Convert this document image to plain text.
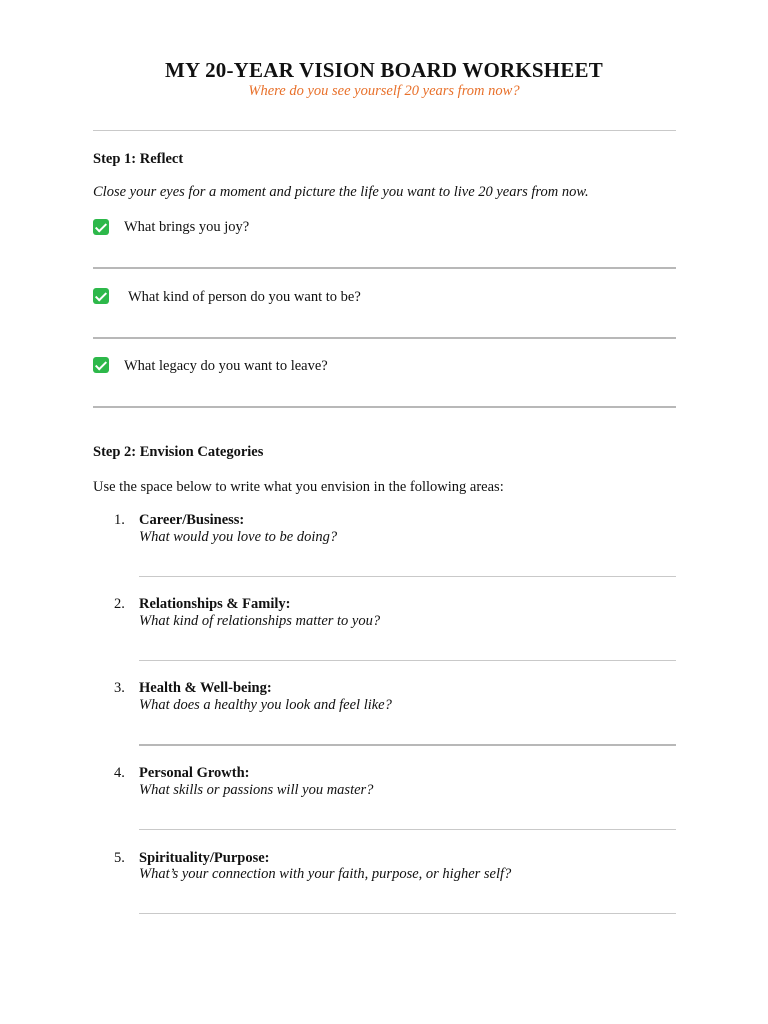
MY 20-YEAR VISION BOARD WORKSHEET
Where do you see yourself 20 years from now?
Step 1: Reflect
Close your eyes for a moment and picture the life you want to live 20 years from now.
What brings you joy?
What kind of person do you want to be?
What legacy do you want to leave?
Step 2: Envision Categories
Use the space below to write what you envision in the following areas:
1. Career/Business:
What would you love to be doing?
2. Relationships & Family:
What kind of relationships matter to you?
3. Health & Well-being:
What does a healthy you look and feel like?
4. Personal Growth:
What skills or passions will you master?
5. Spirituality/Purpose:
What’s your connection with your faith, purpose, or higher self?
